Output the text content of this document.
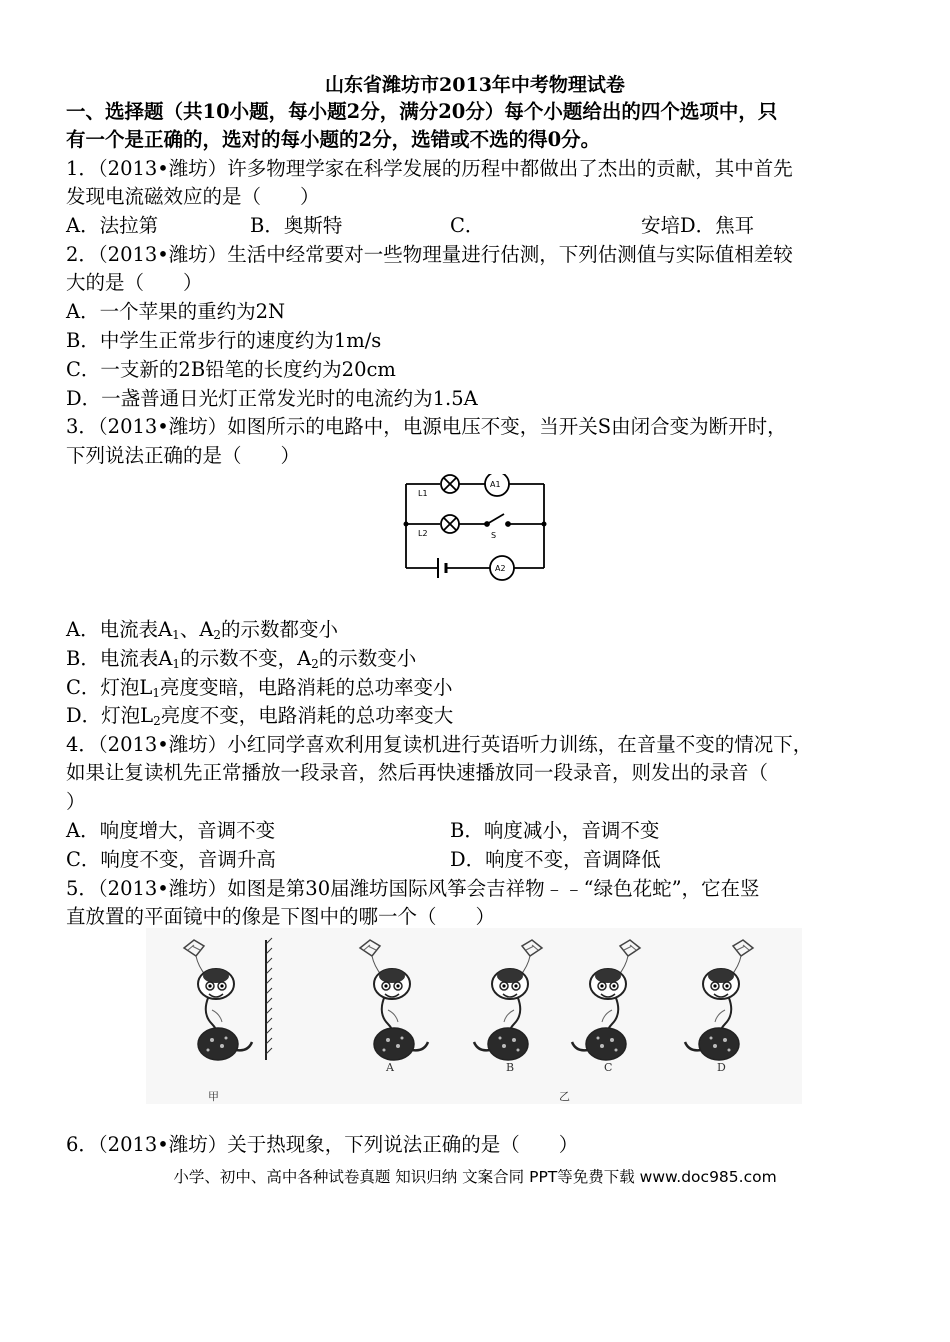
山东省潍坊市2013年中考物理试卷
一、选择题（共10小题，每小题2分，满分20分）每个小题给出的四个选项中，只
有一个是正确的，选对的每小题的2分，选错或不选的得0分。
1．（2013•潍坊）许多物理学家在科学发展的历程中都做出了杰出的贡献，其中首先
发现电流磁效应的是（　　）
A．法拉第	B．奥斯特	C．	安培D．焦耳
2．（2013•潍坊）生活中经常要对一些物理量进行估测，下列估测值与实际值相差较
大的是（　　）
A．一个苹果的重约为2N
B．中学生正常步行的速度约为1m/s
C．一支新的2B铅笔的长度约为20cm
D．一盏普通日光灯正常发光时的电流约为1.5A
3．（2013•潍坊）如图所示的电路中，电源电压不变，当开关S由闭合变为断开时，
下列说法正确的是（　　）
L1
L2	S
A1
A2
A．电流表$A_1$、$A_2$的示数都变小
B．电流表$A_1$的示数不变，$A_2$的示数变小
C．灯泡$L_1$亮度变暗，电路消耗的总功率变小
D．灯泡$L_2$亮度不变，电路消耗的总功率变大
4．（2013•潍坊）小红同学喜欢利用复读机进行英语听力训练，在音量不变的情况下，
如果让复读机先正常播放一段录音，然后再快速播放同一段录音，则发出的录音（
）
A．响度增大，音调不变	B．响度减小，音调不变
C．响度不变，音调升高	D．响度不变，音调降低
5．（2013•潍坊）如图是第30届潍坊国际风筝会吉祥物﹣﹣“绿色花蛇”，它在竖
直放置的平面镜中的像是下图中的哪一个（　　）
甲
A	B	C	D
乙
6．（2013•潍坊）关于热现象，下列说法正确的是（　　）
小学、初中、高中各种试卷真题 知识归纳 文案合同 PPT等免费下载 www.doc985.com
